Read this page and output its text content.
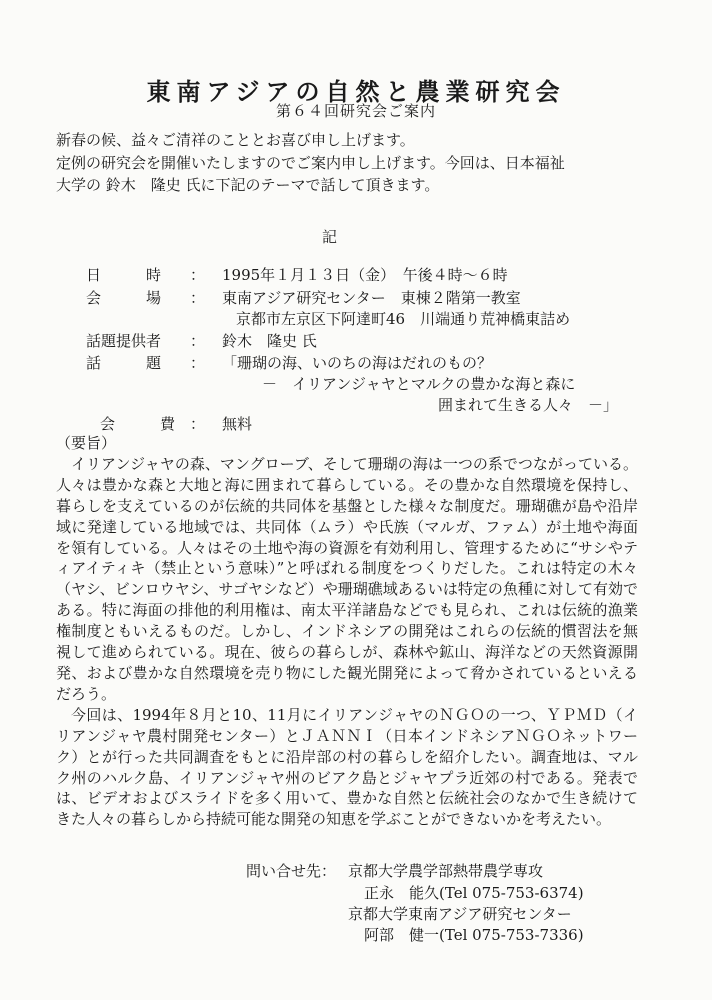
東南アジアの自然と農業研究会
第６４回研究会ご案内
新春の候、益々ご清祥のこととお喜び申し上げます。
定例の研究会を開催いたしますのでご案内申し上げます。今回は、日本福祉
大学の 鈴木　隆史 氏に下記のテーマで話して頂きます。
記
日　　　時 ： 1995年１月１３日（金）　午後４時～６時
会　　　場 ： 東南アジア研究センター　東棟２階第一教室
京都市左京区下阿達町46　川端通り荒神橋東詰め
話題提供者 ： 鈴木　隆史 氏
話　　　題 ： 「珊瑚の海、いのちの海はだれのもの？
－　イリアンジャヤとマルクの豊かな海と森に
囲まれて生きる人々　－」
会　　　費 ： 無料

（要旨）

イリアンジャヤの森、マングローブ、そして珊瑚の海は一つの系でつながっている。人々は豊かな森と大地と海に囲まれて暮らしている。その豊かな自然環境を保持し、暮らしを支えているのが伝統的共同体を基盤とした様々な制度だ。珊瑚礁が島や沿岸域に発達している地域では、共同体（ムラ）や氏族（マルガ、ファム）が土地や海面を領有している。人々はその土地や海の資源を有効利用し、管理するために“サシやティアイティキ（禁止という意味）”と呼ばれる制度をつくりだした。これは特定の木々（ヤシ、ビンロウヤシ、サゴヤシなど）や珊瑚礁域あるいは特定の魚種に対して有効である。特に海面の排他的利用権は、南太平洋諸島などでも見られ、これは伝統的漁業権制度ともいえるものだ。しかし、インドネシアの開発はこれらの伝統的慣習法を無視して進められている。現在、彼らの暮らしが、森林や鉱山、海洋などの天然資源開発、および豊かな自然環境を売り物にした観光開発によって脅かされているといえるだろう。

今回は、1994年８月と10、11月にイリアンジャヤのＮＧＯの一つ、ＹＰＭＤ（イリアンジャヤ農村開発センター）とＪＡＮＮＩ（日本インドネシアＮＧＯネットワーク）とが行った共同調査をもとに沿岸部の村の暮らしを紹介したい。調査地は、マルク州のハルク島、イリアンジャヤ州のビアク島とジャヤプラ近郊の村である。発表では、ビデオおよびスライドを多く用いて、豊かな自然と伝統社会のなかで生き続けてきた人々の暮らしから持続可能な開発の知恵を学ぶことができないかを考えたい。

問い合せ先： 京都大学農学部熱帯農学専攻
正永　能久(Tel 075-753-6374)
京都大学東南アジア研究センター
阿部　健一(Tel 075-753-7336)
